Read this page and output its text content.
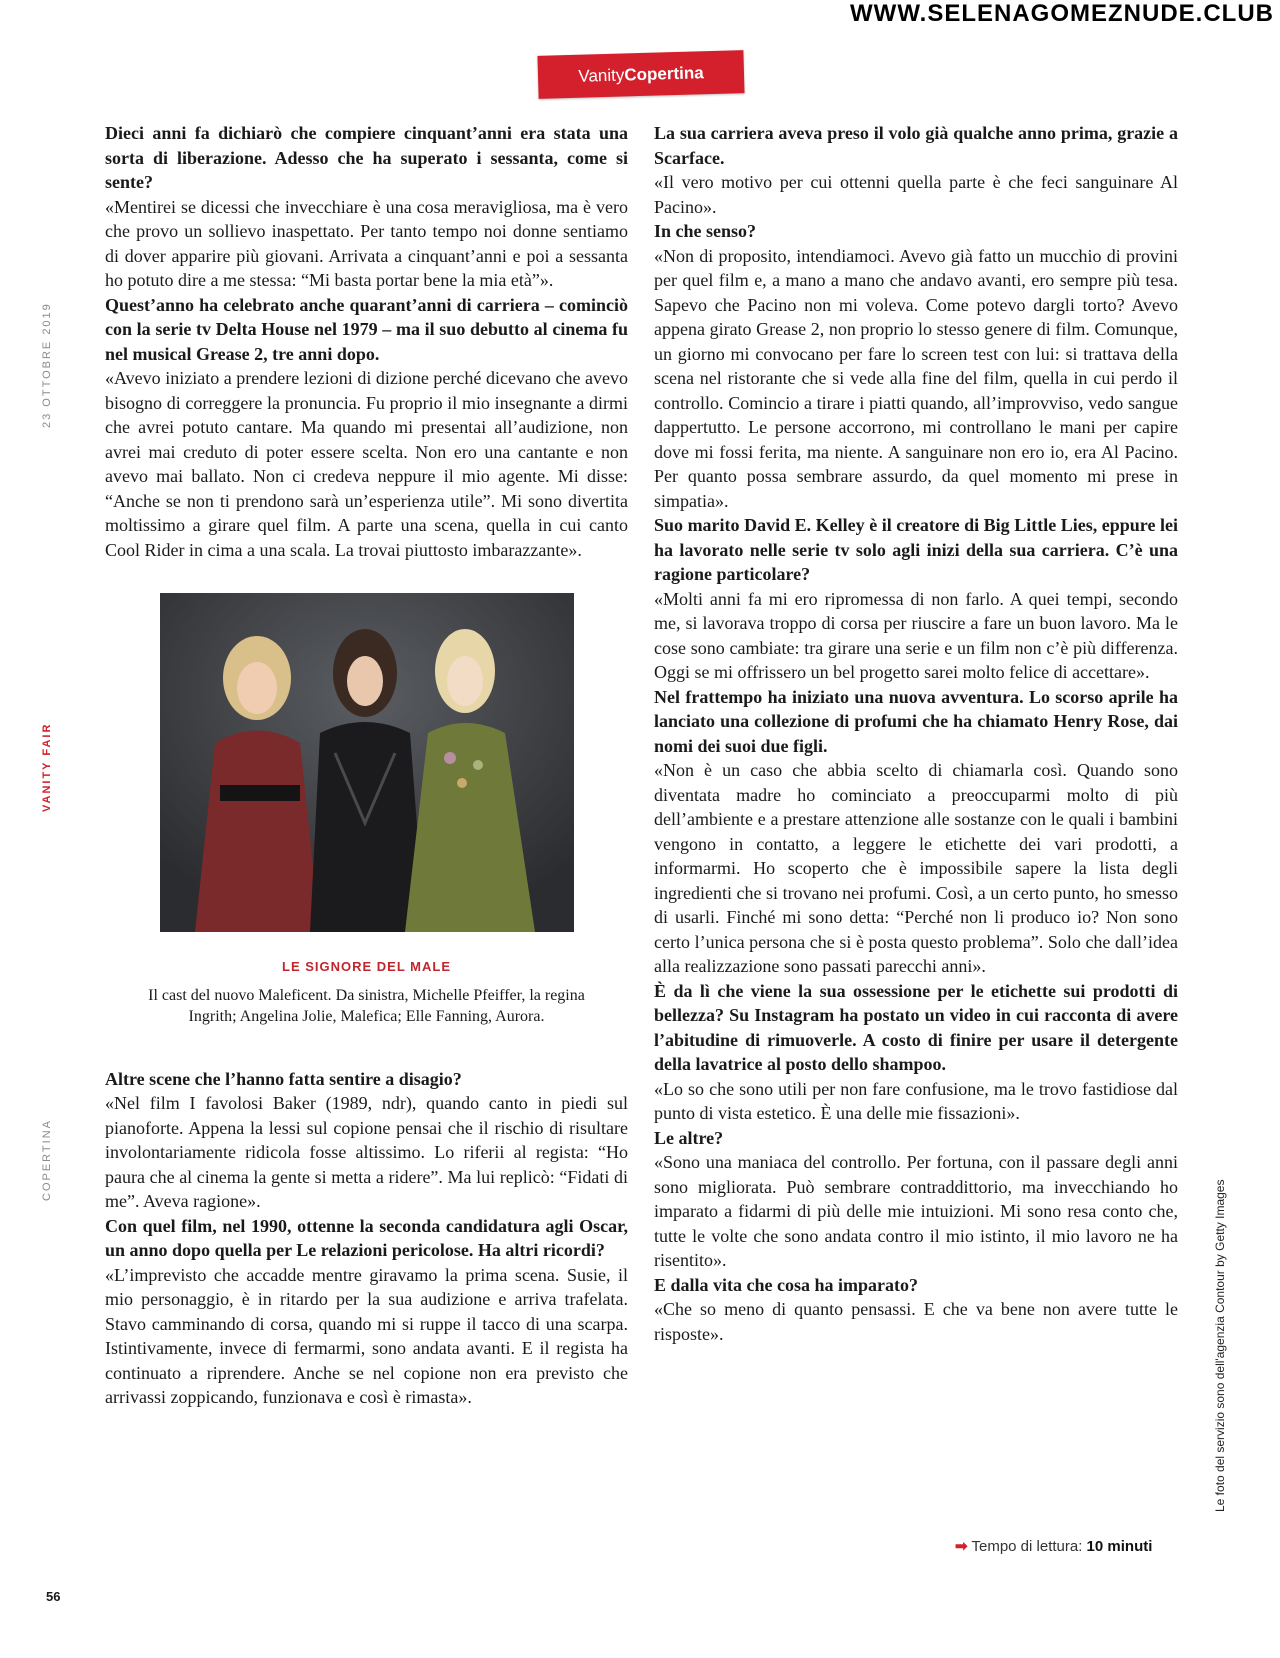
WWW.SELENAGOMEZNUDE.CLUB
VanityCopertina
23 OTTOBRE 2019
VANITY FAIR
COPERTINA
Le foto del servizio sono dell'agenzia Contour by Getty Images

Dieci anni fa dichiarò che compiere cinquant’anni era stata una sorta di liberazione. Adesso che ha superato i sessanta, come si sente?

«Mentirei se dicessi che invecchiare è una cosa meravigliosa, ma è vero che provo un sollievo inaspettato. Per tanto tempo noi donne sentiamo di dover apparire più giovani. Arrivata a cinquant’anni e poi a sessanta ho potuto dire a me stessa: “Mi basta portar bene la mia età”».

Quest’anno ha celebrato anche quarant’anni di carriera – cominciò con la serie tv Delta House nel 1979 – ma il suo debutto al cinema fu nel musical Grease 2, tre anni dopo.

«Avevo iniziato a prendere lezioni di dizione perché dicevano che avevo bisogno di correggere la pronuncia. Fu proprio il mio insegnante a dirmi che avrei potuto cantare. Ma quando mi presentai all’audizione, non avrei mai creduto di poter essere scelta. Non ero una cantante e non avevo mai ballato. Non ci credeva neppure il mio agente. Mi disse: “Anche se non ti prendono sarà un’esperienza utile”. Mi sono divertita moltissimo a girare quel film. A parte una scena, quella in cui canto Cool Rider in cima a una scala. La trovai piuttosto imbarazzante».

LE SIGNORE DEL MALE
Il cast del nuovo Maleficent. Da sinistra, Michelle Pfeiffer, la regina Ingrith; Angelina Jolie, Malefica; Elle Fanning, Aurora.

Altre scene che l’hanno fatta sentire a disagio?

«Nel film I favolosi Baker (1989, ndr), quando canto in piedi sul pianoforte. Appena la lessi sul copione pensai che il rischio di risultare involontariamente ridicola fosse altissimo. Lo riferii al regista: “Ho paura che al cinema la gente si metta a ridere”. Ma lui replicò: “Fidati di me”. Aveva ragione».

Con quel film, nel 1990, ottenne la seconda candidatura agli Oscar, un anno dopo quella per Le relazioni pericolose. Ha altri ricordi?

«L’imprevisto che accadde mentre giravamo la prima scena. Susie, il mio personaggio, è in ritardo per la sua audizione e arriva trafelata. Stavo camminando di corsa, quando mi si ruppe il tacco di una scarpa. Istintivamente, invece di fermarmi, sono andata avanti. E il regista ha continuato a riprendere. Anche se nel copione non era previsto che arrivassi zoppicando, funzionava e così è rimasta».

La sua carriera aveva preso il volo già qualche anno prima, grazie a Scarface.

«Il vero motivo per cui ottenni quella parte è che feci sanguinare Al Pacino».

In che senso?

«Non di proposito, intendiamoci. Avevo già fatto un mucchio di provini per quel film e, a mano a mano che andavo avanti, ero sempre più tesa. Sapevo che Pacino non mi voleva. Come potevo dargli torto? Avevo appena girato Grease 2, non proprio lo stesso genere di film. Comunque, un giorno mi convocano per fare lo screen test con lui: si trattava della scena nel ristorante che si vede alla fine del film, quella in cui perdo il controllo. Comincio a tirare i piatti quando, all’improvviso, vedo sangue dappertutto. Le persone accorrono, mi controllano le mani per capire dove mi fossi ferita, ma niente. A sanguinare non ero io, era Al Pacino. Per quanto possa sembrare assurdo, da quel momento mi prese in simpatia».

Suo marito David E. Kelley è il creatore di Big Little Lies, eppure lei ha lavorato nelle serie tv solo agli inizi della sua carriera. C’è una ragione particolare?

«Molti anni fa mi ero ripromessa di non farlo. A quei tempi, secondo me, si lavorava troppo di corsa per riuscire a fare un buon lavoro. Ma le cose sono cambiate: tra girare una serie e un film non c’è più differenza. Oggi se mi offrissero un bel progetto sarei molto felice di accettare».

Nel frattempo ha iniziato una nuova avventura. Lo scorso aprile ha lanciato una collezione di profumi che ha chiamato Henry Rose, dai nomi dei suoi due figli.

«Non è un caso che abbia scelto di chiamarla così. Quando sono diventata madre ho cominciato a preoccuparmi molto di più dell’ambiente e a prestare attenzione alle sostanze con le quali i bambini vengono in contatto, a leggere le etichette dei vari prodotti, a informarmi. Ho scoperto che è impossibile sapere la lista degli ingredienti che si trovano nei profumi. Così, a un certo punto, ho smesso di usarli. Finché mi sono detta: “Perché non li produco io? Non sono certo l’unica persona che si è posta questo problema”. Solo che dall’idea alla realizzazione sono passati parecchi anni».

È da lì che viene la sua ossessione per le etichette sui prodotti di bellezza? Su Instagram ha postato un video in cui racconta di avere l’abitudine di rimuoverle. A costo di finire per usare il detergente della lavatrice al posto dello shampoo.

«Lo so che sono utili per non fare confusione, ma le trovo fastidiose dal punto di vista estetico. È una delle mie fissazioni».

Le altre?

«Sono una maniaca del controllo. Per fortuna, con il passare degli anni sono migliorata. Può sembrare contraddittorio, ma invecchiando ho imparato a fidarmi di più delle mie intuizioni. Mi sono resa conto che, tutte le volte che sono andata contro il mio istinto, il mio lavoro ne ha risentito».

E dalla vita che cosa ha imparato?

«Che so meno di quanto pensassi. E che va bene non avere tutte le risposte».

➡ Tempo di lettura: 10 minuti
56
